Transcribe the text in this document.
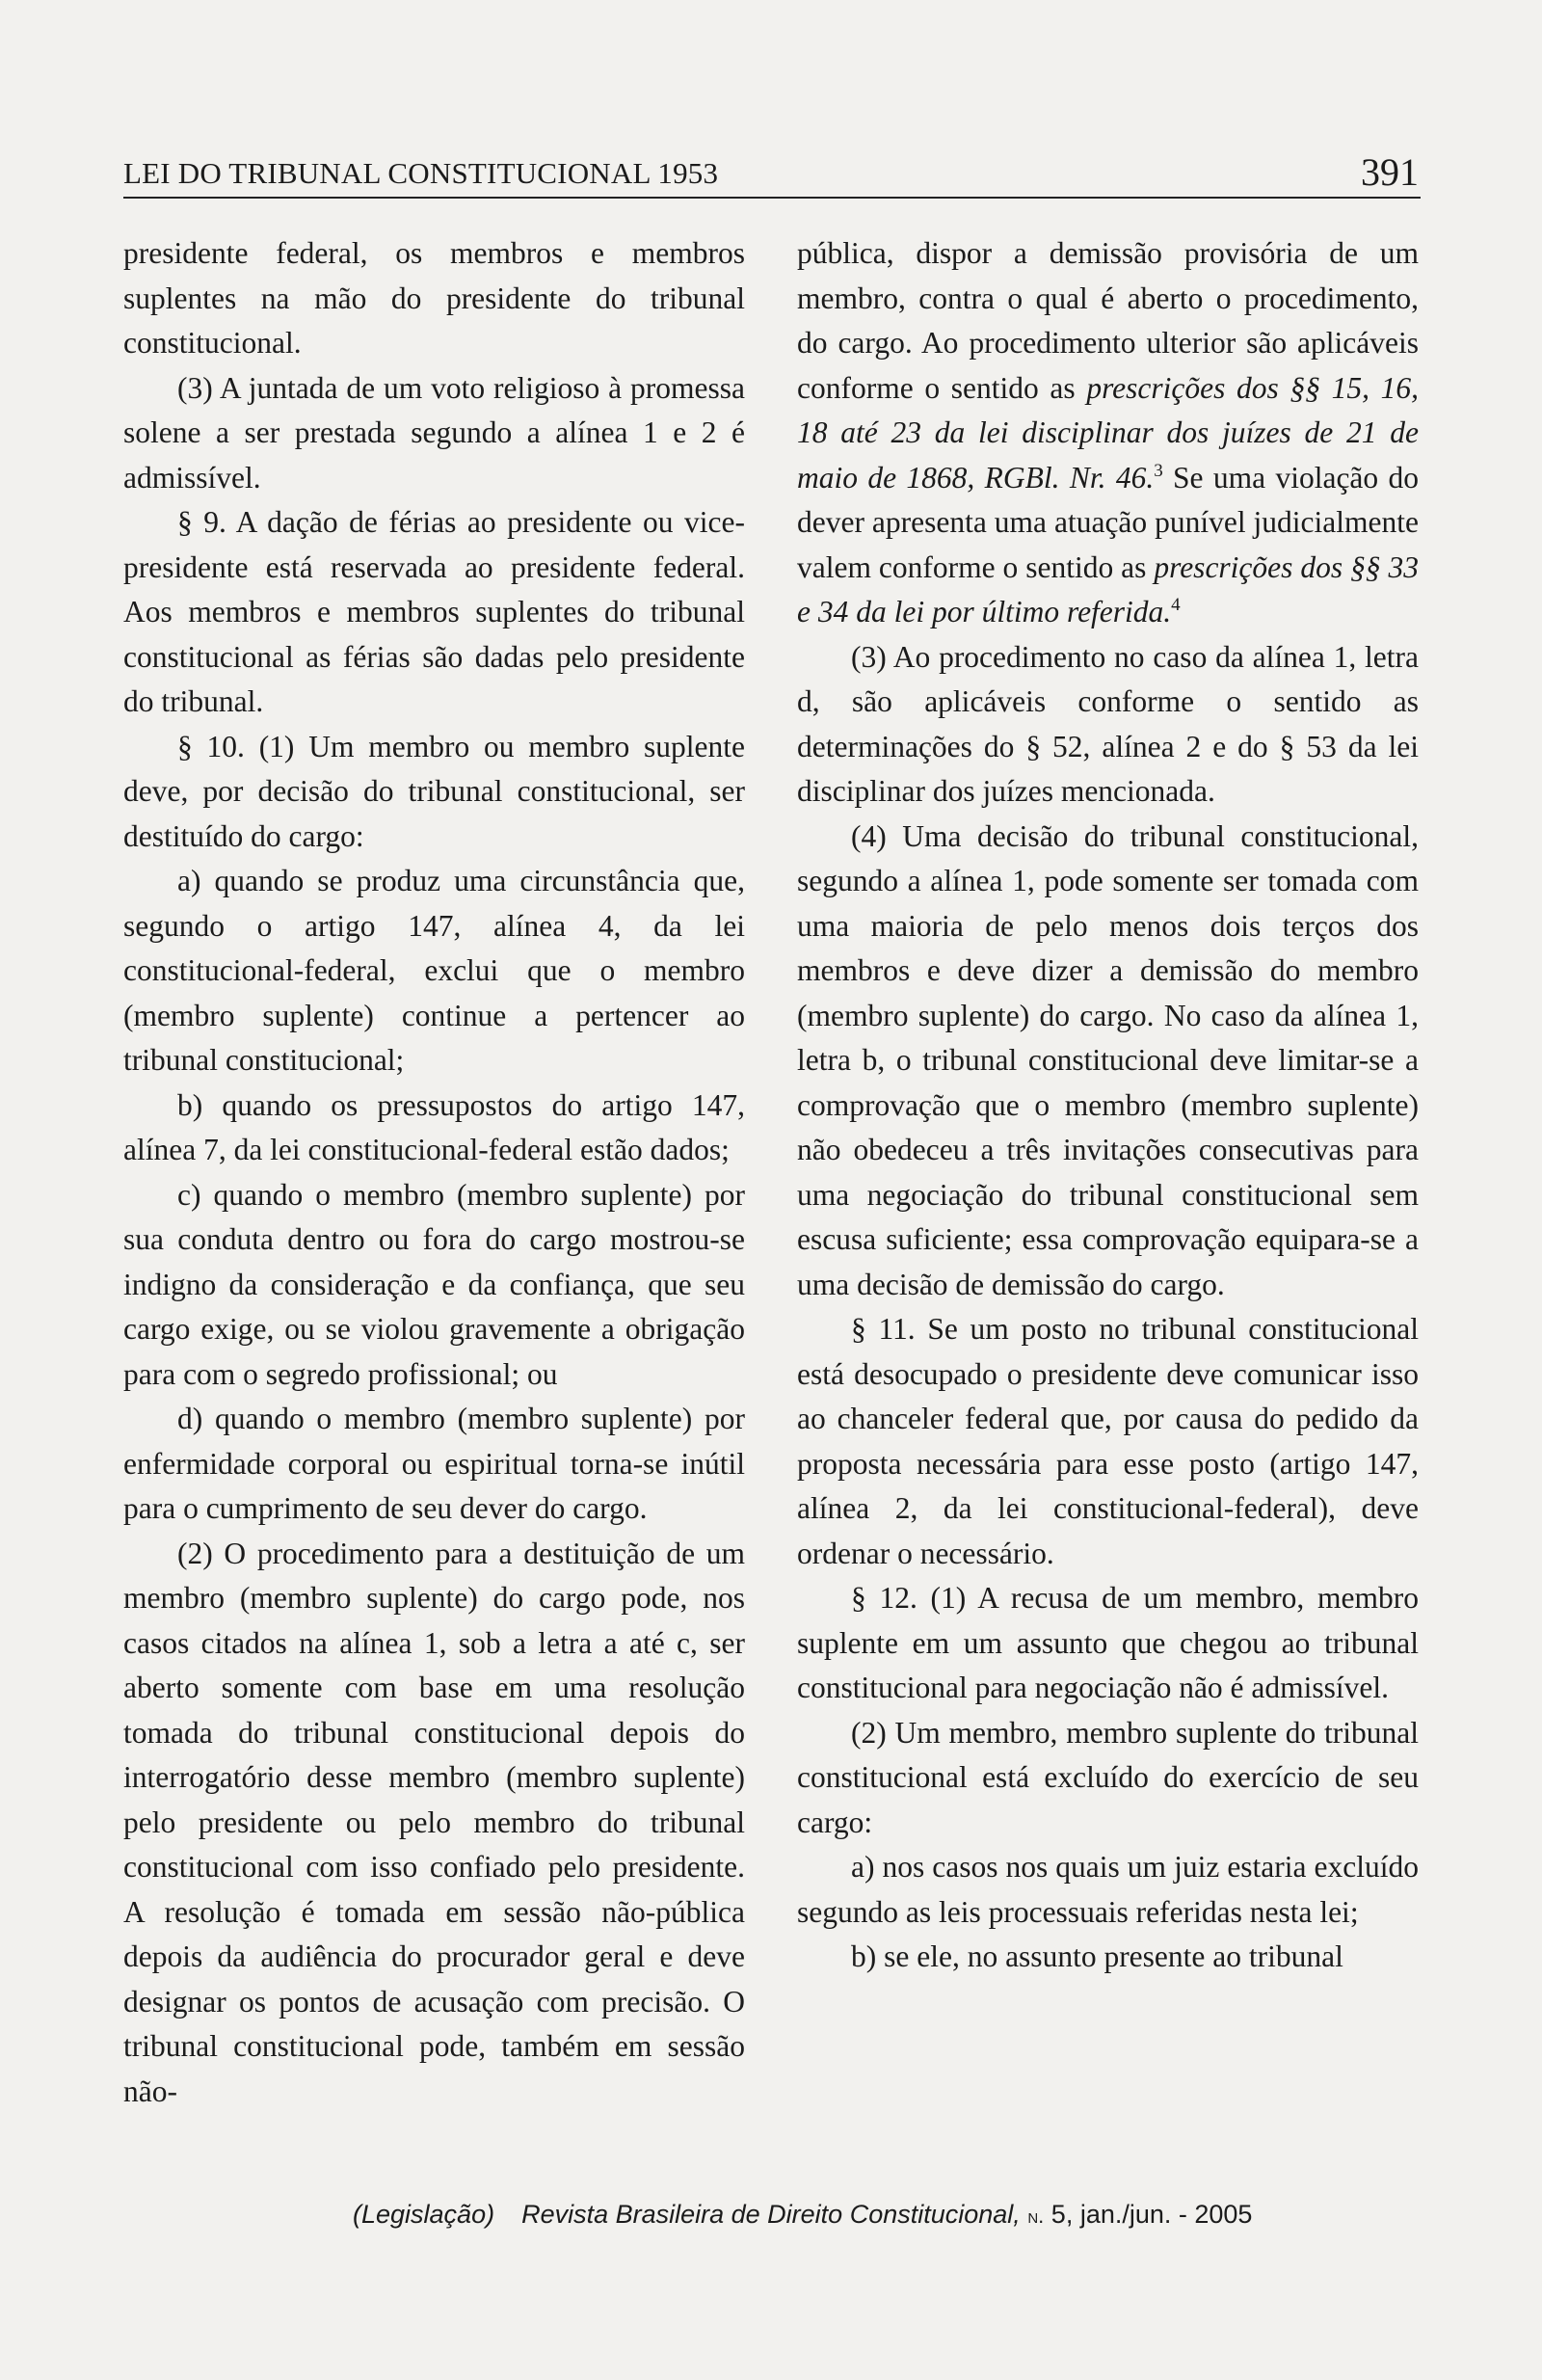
LEI DO TRIBUNAL CONSTITUCIONAL 1953	391

presidente federal, os membros e membros suplentes na mão do presidente do tribunal constitucional.

(3) A juntada de um voto religioso à promessa solene a ser prestada segundo a alínea 1 e 2 é admissível.

§ 9. A dação de férias ao presidente ou vice-presidente está reservada ao presidente federal. Aos membros e membros suplentes do tribunal constitucional as férias são dadas pelo presidente do tribunal.

§ 10. (1) Um membro ou membro suplente deve, por decisão do tribunal constitucional, ser destituído do cargo:

a) quando se produz uma circunstância que, segundo o artigo 147, alínea 4, da lei constitucional-federal, exclui que o membro (membro suplente) continue a pertencer ao tribunal constitucional;

b) quando os pressupostos do artigo 147, alínea 7, da lei constitucional-federal estão dados;

c) quando o membro (membro suplente) por sua conduta dentro ou fora do cargo mostrou-se indigno da consideração e da confiança, que seu cargo exige, ou se violou gravemente a obrigação para com o segredo profissional; ou

d) quando o membro (membro suplente) por enfermidade corporal ou espiritual torna-se inútil para o cumprimento de seu dever do cargo.

(2) O procedimento para a destituição de um membro (membro suplente) do cargo pode, nos casos citados na alínea 1, sob a letra a até c, ser aberto somente com base em uma resolução tomada do tribunal constitucional depois do interrogatório desse membro (membro suplente) pelo presidente ou pelo membro do tribunal constitucional com isso confiado pelo presidente. A resolução é tomada em sessão não-pública depois da audiência do procurador geral e deve designar os pontos de acusação com precisão. O tribunal constitucional pode, também em sessão não-

pública, dispor a demissão provisória de um membro, contra o qual é aberto o procedimento, do cargo. Ao procedimento ulterior são aplicáveis conforme o sentido as prescrições dos §§ 15, 16, 18 até 23 da lei disciplinar dos juízes de 21 de maio de 1868, RGBl. Nr. 46.$^3$ Se uma violação do dever apresenta uma atuação punível judicialmente valem conforme o sentido as prescrições dos §§ 33 e 34 da lei por último referida.$^4$

(3) Ao procedimento no caso da alínea 1, letra d, são aplicáveis conforme o sentido as determinações do § 52, alínea 2 e do § 53 da lei disciplinar dos juízes mencionada.

(4) Uma decisão do tribunal constitucional, segundo a alínea 1, pode somente ser tomada com uma maioria de pelo menos dois terços dos membros e deve dizer a demissão do membro (membro suplente) do cargo. No caso da alínea 1, letra b, o tribunal constitucional deve limitar-se a comprovação que o membro (membro suplente) não obedeceu a três invitações consecutivas para uma negociação do tribunal constitucional sem escusa suficiente; essa comprovação equipara-se a uma decisão de demissão do cargo.

§ 11. Se um posto no tribunal constitucional está desocupado o presidente deve comunicar isso ao chanceler federal que, por causa do pedido da proposta necessária para esse posto (artigo 147, alínea 2, da lei constitucional-federal), deve ordenar o necessário.

§ 12. (1) A recusa de um membro, membro suplente em um assunto que chegou ao tribunal constitucional para negociação não é admissível.

(2) Um membro, membro suplente do tribunal constitucional está excluído do exercício de seu cargo:

a) nos casos nos quais um juiz estaria excluído segundo as leis processuais referidas nesta lei;

b) se ele, no assunto presente ao tribunal

(Legislação) Revista Brasileira de Direito Constitucional, n. 5, jan./jun. - 2005
